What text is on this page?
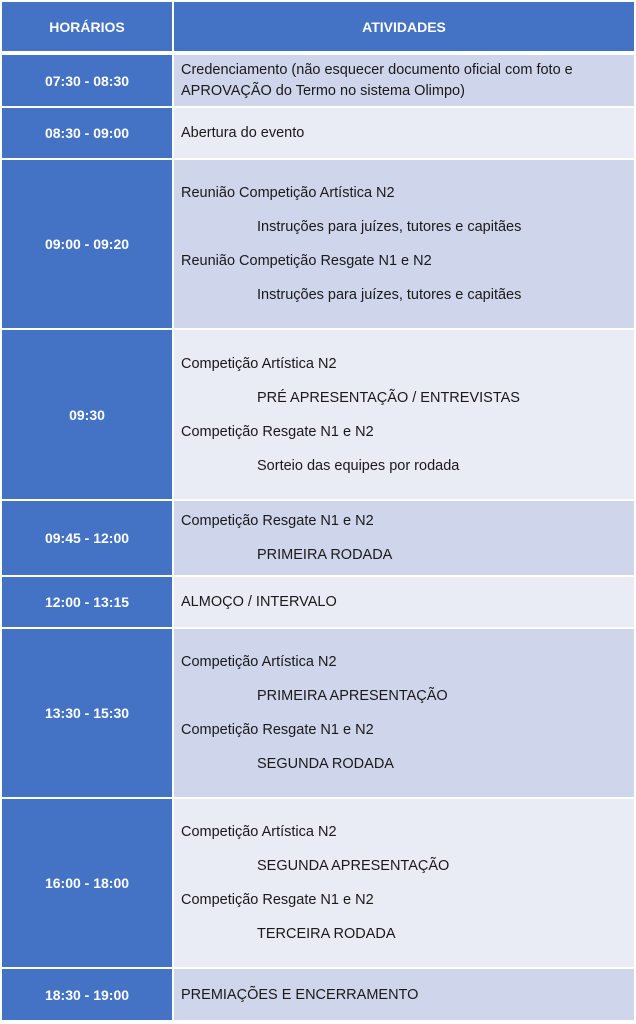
HORÁRIOS	ATIVIDADES
07:30 - 08:30	Credenciamento (não esquecer documento oficial com foto e APROVAÇÃO do Termo no sistema Olimpo)

08:30 - 09:00	Abertura do evento

09:00 - 09:20	Reunião Competição Artística N2
Instruções para juízes, tutores e capitães
Reunião Competição Resgate N1 e N2
Instruções para juízes, tutores e capitães

09:30	Competição Artística N2
PRÉ APRESENTAÇÃO / ENTREVISTAS
Competição Resgate N1 e N2
Sorteio das equipes por rodada

09:45 - 12:00	Competição Resgate N1 e N2
PRIMEIRA RODADA

12:00 - 13:15	ALMOÇO / INTERVALO

13:30 - 15:30	Competição Artística N2
PRIMEIRA APRESENTAÇÃO
Competição Resgate N1 e N2
SEGUNDA RODADA

16:00 - 18:00	Competição Artística N2
SEGUNDA APRESENTAÇÃO
Competição Resgate N1 e N2
TERCEIRA RODADA

18:30 - 19:00	PREMIAÇÕES E ENCERRAMENTO
